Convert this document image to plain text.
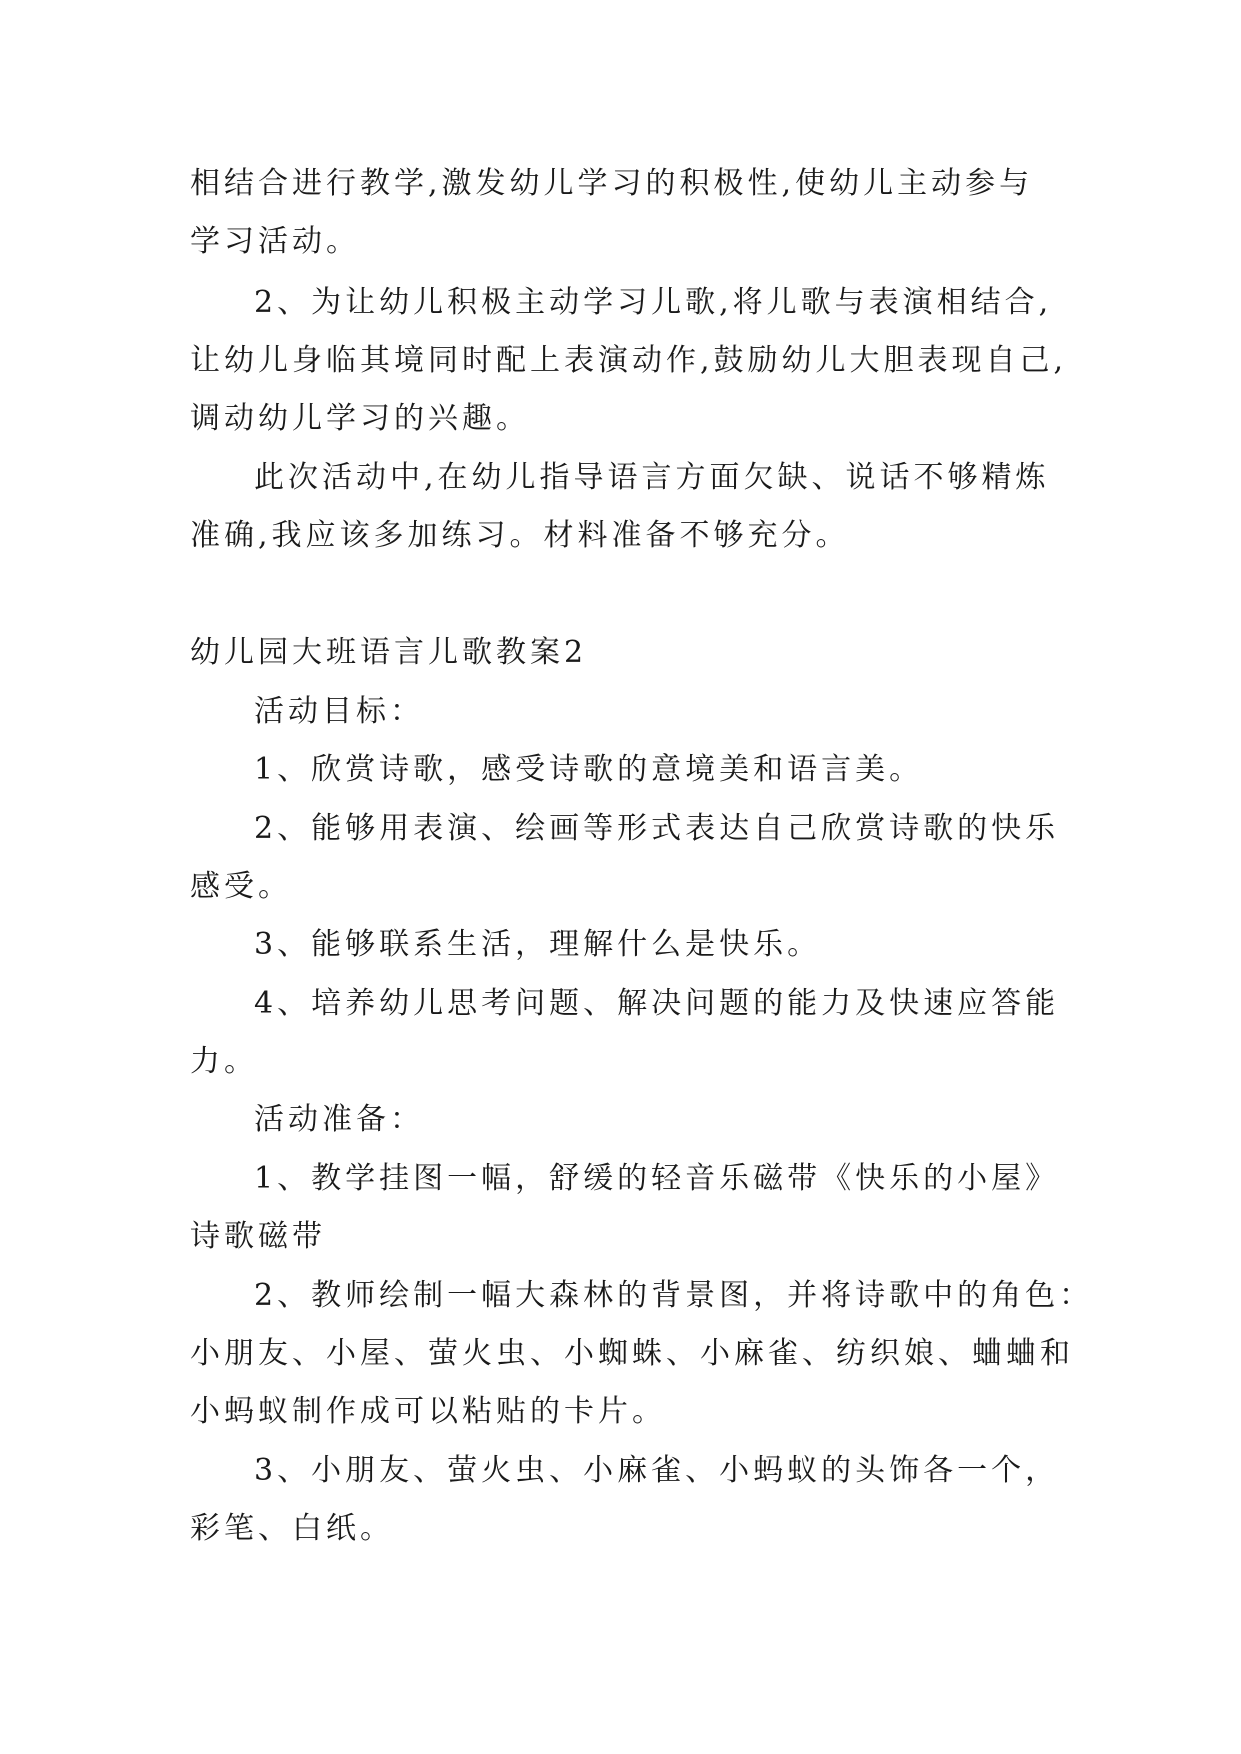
相结合进行教学,激发幼儿学习的积极性,使幼儿主动参与
学习活动。
2、为让幼儿积极主动学习儿歌,将儿歌与表演相结合,
让幼儿身临其境同时配上表演动作,鼓励幼儿大胆表现自己,
调动幼儿学习的兴趣。
此次活动中,在幼儿指导语言方面欠缺、说话不够精炼
准确,我应该多加练习。材料准备不够充分。
幼儿园大班语言儿歌教案2
活动目标：
1、欣赏诗歌，感受诗歌的意境美和语言美。
2、能够用表演、绘画等形式表达自己欣赏诗歌的快乐
感受。
3、能够联系生活，理解什么是快乐。
4、培养幼儿思考问题、解决问题的能力及快速应答能
力。
活动准备：
1、教学挂图一幅，舒缓的轻音乐磁带《快乐的小屋》
诗歌磁带
2、教师绘制一幅大森林的背景图，并将诗歌中的角色：
小朋友、小屋、萤火虫、小蜘蛛、小麻雀、纺织娘、蛐蛐和
小蚂蚁制作成可以粘贴的卡片。
3、小朋友、萤火虫、小麻雀、小蚂蚁的头饰各一个，
彩笔、白纸。
